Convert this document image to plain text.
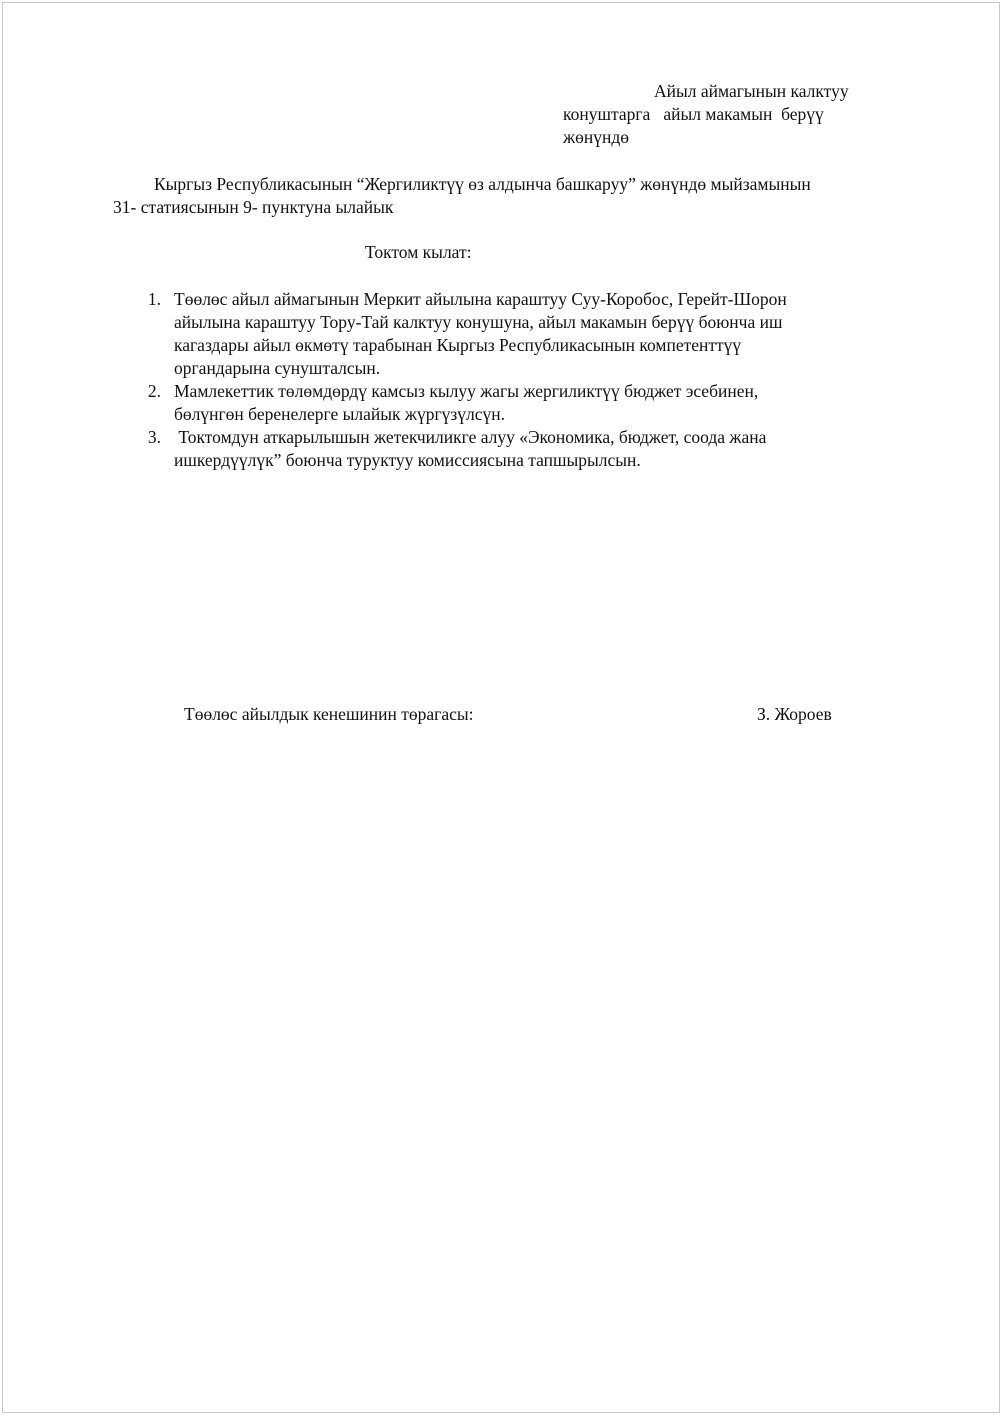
Айыл аймагынын калктуу
конуштарга   айыл макамын  берүү
жөнүндө
Кыргыз Республикасынын “Жергиликтүү өз алдынча башкаруу” жөнүндө мыйзамынын
31- статиясынын 9- пунктуна ылайык
Токтом кылат:
1. Төөлөс айыл аймагынын Меркит айылына караштуу Суу-Коробос, Герейт-Шорон
айылына караштуу Тору-Тай калктуу конушуна, айыл макамын берүү боюнча иш
кагаздары айыл өкмөтү тарабынан Кыргыз Республикасынын компетенттүү
органдарына сунушталсын.
2. Мамлекеттик төлөмдөрдү камсыз кылуу жагы жергиликтүү бюджет эсебинен,
бөлүнгөн беренелерге ылайык жүргүзүлсүн.
3. Токтомдун аткарылышын жетекчиликге алуу «Экономика, бюджет, соода жана
ишкердүүлүк” боюнча туруктуу комиссиясына тапшырылсын.
Төөлөс айылдык кенешинин төрагасы:	З. Жороев
